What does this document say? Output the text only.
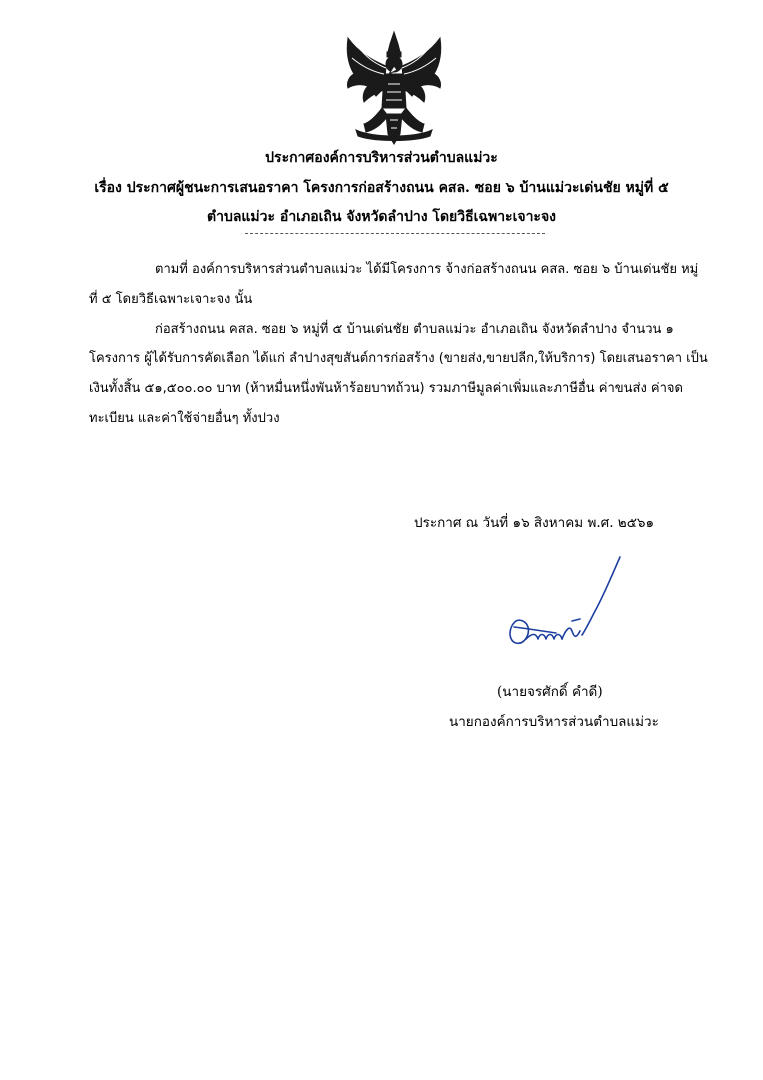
ประกาศองค์การบริหารส่วนตำบลแม่วะ
เรื่อง ประกาศผู้ชนะการเสนอราคา โครงการก่อสร้างถนน คสล. ซอย ๖ บ้านแม่วะเด่นชัย หมู่ที่ ๕
ตำบลแม่วะ อำเภอเถิน จังหวัดลำปาง โดยวิธีเฉพาะเจาะจง
ตามที่ องค์การบริหารส่วนตำบลแม่วะ ได้มีโครงการ จ้างก่อสร้างถนน คสล. ซอย ๖ บ้านเด่นชัย หมู่
ที่ ๕ โดยวิธีเฉพาะเจาะจง นั้น
ก่อสร้างถนน คสล. ซอย ๖ หมู่ที่ ๕ บ้านเด่นชัย ตำบลแม่วะ อำเภอเถิน จังหวัดลำปาง จำนวน ๑
โครงการ ผู้ได้รับการคัดเลือก ได้แก่ ลำปางสุขสันต์การก่อสร้าง (ขายส่ง,ขายปลีก,ให้บริการ) โดยเสนอราคา เป็น
เงินทั้งสิ้น ๕๑,๕๐๐.๐๐ บาท (ห้าหมื่นหนึ่งพันห้าร้อยบาทถ้วน) รวมภาษีมูลค่าเพิ่มและภาษีอื่น ค่าขนส่ง ค่าจด
ทะเบียน และค่าใช้จ่ายอื่นๆ ทั้งปวง
ประกาศ ณ วันที่ ๑๖ สิงหาคม พ.ศ. ๒๕๖๑
(นายจรศักดิ์ คำดี)
นายกองค์การบริหารส่วนตำบลแม่วะ
